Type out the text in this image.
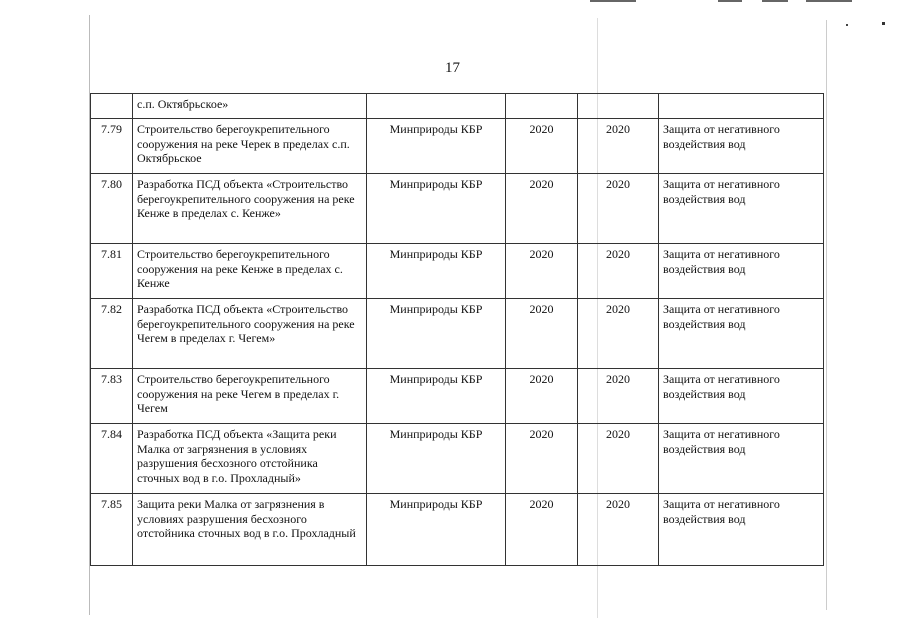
17
	с.п. Октябрьское»				
7.79	Строительство берегоукрепительного сооружения на реке Черек в пределах с.п. Октябрьское	Минприроды КБР	2020	2020	Защита от негативного воздействия вод
7.80	Разработка ПСД объекта «Строительство берегоукрепительного сооружения на реке Кенже в пределах с. Кенже»	Минприроды КБР	2020	2020	Защита от негативного воздействия вод
7.81	Строительство берегоукрепительного сооружения на реке Кенже в пределах с. Кенже	Минприроды КБР	2020	2020	Защита от негативного воздействия вод
7.82	Разработка ПСД объекта «Строительство берегоукрепительного сооружения на реке Чегем в пределах г. Чегем»	Минприроды КБР	2020	2020	Защита от негативного воздействия вод
7.83	Строительство берегоукрепительного сооружения на реке Чегем в пределах г. Чегем	Минприроды КБР	2020	2020	Защита от негативного воздействия вод
7.84	Разработка ПСД объекта «Защита реки Малка от загрязнения в условиях разрушения бесхозного отстойника сточных вод в г.о. Прохладный»	Минприроды КБР	2020	2020	Защита от негативного воздействия вод
7.85	Защита реки Малка от загрязнения в условиях разрушения бесхозного отстойника сточных вод в г.о. Прохладный	Минприроды КБР	2020	2020	Защита от негативного воздействия вод
